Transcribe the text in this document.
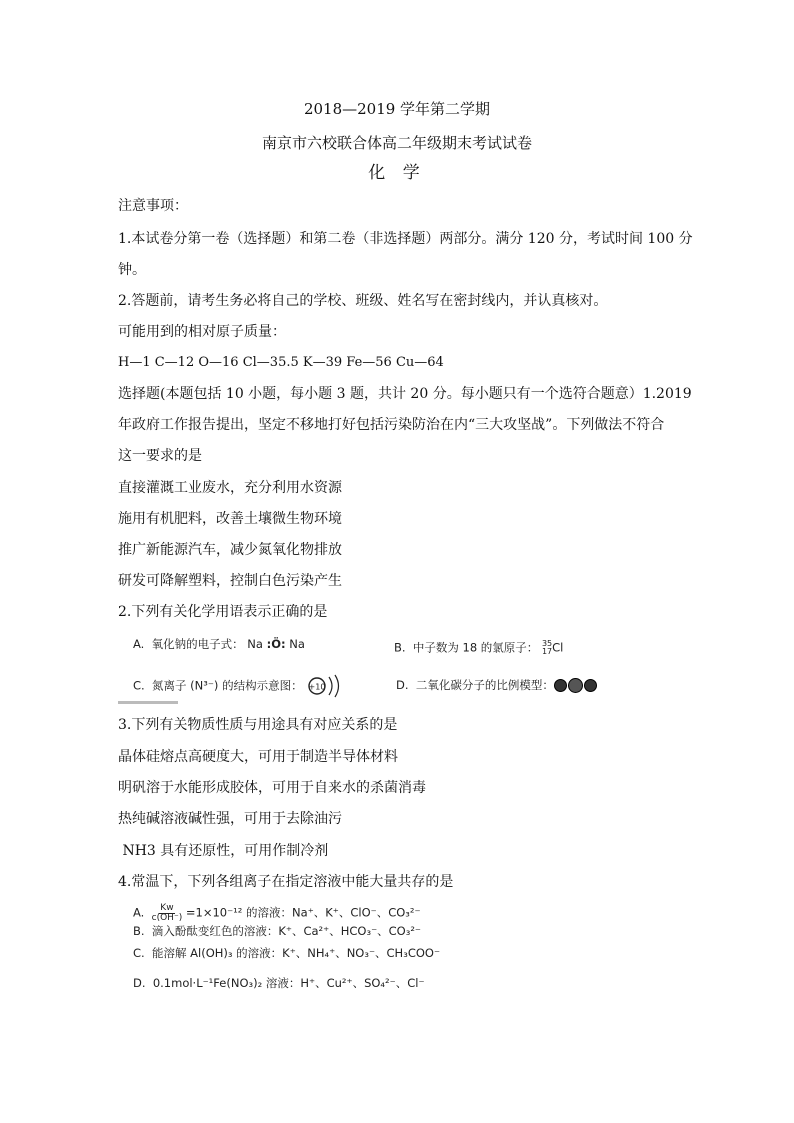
2018—2019 学年第二学期
南京市六校联合体高二年级期末考试试卷
化 学
注意事项：
1.本试卷分第一卷（选择题）和第二卷（非选择题）两部分。满分 120 分，考试时间 100 分
钟。
2.答题前，请考生务必将自己的学校、班级、姓名写在密封线内，并认真核对。
可能用到的相对原子质量：
H—1 C—12 O—16 Cl—35.5 K—39 Fe—56 Cu—64
选择题(本题包括 10 小题，每小题 3 题，共计 20 分。每小题只有一个选符合题意）1.2019
年政府工作报告提出，坚定不移地打好包括污染防治在内“三大攻坚战”。下列做法不符合
这一要求的是
直接灌溉工业废水，充分利用水资源
施用有机肥料，改善土壤微生物环境
推广新能源汽车，减少氮氧化物排放
研发可降解塑料，控制白色污染产生
2.下列有关化学用语表示正确的是
A. 氧化钠的电子式： Na :Ö: Na	B. 中子数为 18 的氯原子： 35
17Cl
C. 氮离子 (N³⁻) 的结构示意图： +10	D. 二氧化碳分子的比例模型：
3.下列有关物质性质与用途具有对应关系的是
晶体硅熔点高硬度大，可用于制造半导体材料
明矾溶于水能形成胶体，可用于自来水的杀菌消毒
热纯碱溶液碱性强，可用于去除油污
NH3 具有还原性，可用作制冷剂
4.常温下，下列各组离子在指定溶液中能大量共存的是
A. $\frac{Kw}{c(OH^-)} =1\times 10^{-12}$ 的溶液：Na⁺、K⁺、ClO⁻、CO₃²⁻
B. 滴入酚酞变红色的溶液：K⁺、Ca²⁺、HCO₃⁻、CO₃²⁻
C. 能溶解 Al(OH)₃ 的溶液：K⁺、NH₄⁺、NO₃⁻、CH₃COO⁻
D. 0.1mol·L⁻¹Fe(NO₃)₂ 溶液：H⁺、Cu²⁺、SO₄²⁻、Cl⁻
